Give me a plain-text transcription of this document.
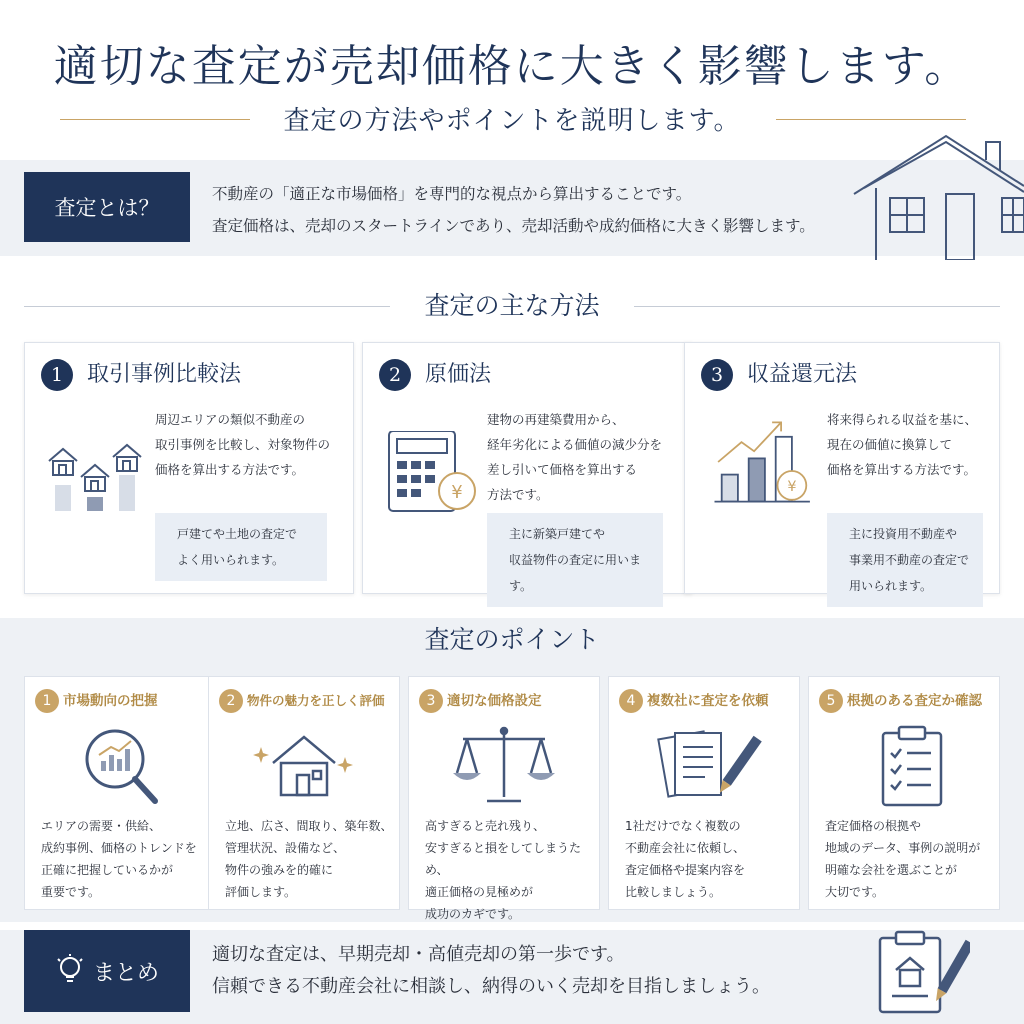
適切な査定が売却価格に大きく影響します。
査定の方法やポイントを説明します。
査定とは？
不動産の「適正な市場価格」を専門的な視点から算出することです。
査定価格は、売却のスタートラインであり、売却活動や成約価格に大きく影響します。
査定の主な方法
1	取引事例比較法
周辺エリアの類似不動産の
取引事例を比較し、対象物件の
価格を算出する方法です。
戸建てや土地の査定で
よく用いられます。
2	原価法
建物の再建築費用から、
経年劣化による価値の減少分を
差し引いて価格を算出する
方法です。
¥
主に新築戸建てや
収益物件の査定に用います。
3	収益還元法
将来得られる収益を基に、
現在の価値に換算して
価格を算出する方法です。
¥
主に投資用不動産や
事業用不動産の査定で
用いられます。
査定のポイント
1 市場動向の把握
エリアの需要・供給、
成約事例、価格のトレンドを
正確に把握しているかが
重要です。
2 物件の魅力を正しく評価
立地、広さ、間取り、築年数、
管理状況、設備など、
物件の強みを的確に
評価します。
3 適切な価格設定
高すぎると売れ残り、
安すぎると損をしてしまうため、
適正価格の見極めが
成功のカギです。
4 複数社に査定を依頼
1社だけでなく複数の
不動産会社に依頼し、
査定価格や提案内容を
比較しましょう。
5 根拠のある査定か確認
査定価格の根拠や
地域のデータ、事例の説明が
明確な会社を選ぶことが
大切です。
まとめ
適切な査定は、早期売却・高値売却の第一歩です。
信頼できる不動産会社に相談し、納得のいく売却を目指しましょう。
